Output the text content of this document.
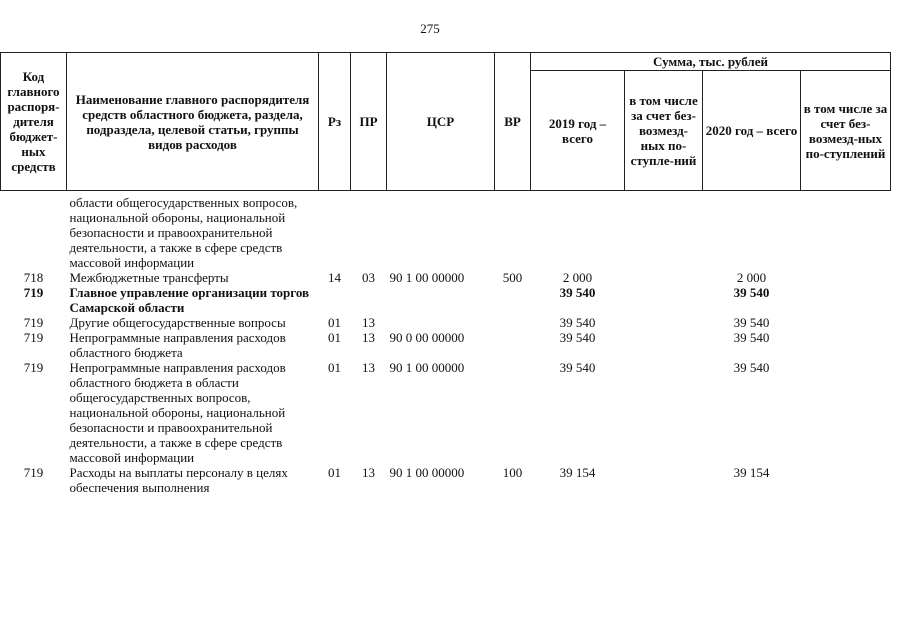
275
Код главного распоря-дителя бюджет-ных средств	Наименование главного распорядителя средств областного бюджета, раздела, подраздела, целевой статьи, группы видов расходов	Рз	ПР	ЦСР	ВР	Сумма, тыс. рублей			
						2019 год – всего	в том числе за счет без-возмезд-ных по-ступле-ний	2020 год – всего	в том числе за счет без-возмезд-ных по-ступлений

	области общегосударственных вопросов, национальной обороны, национальной безопасности и правоохранительной деятельности, а также в сфере средств массовой информации								
718	Межбюджетные трансферты	14	03	90 1 00 00000	500	2 000		2 000	
719	Главное управление организации торгов Самарской области					39 540		39 540	
719	Другие общегосударственные вопросы	01	13			39 540		39 540	
719	Непрограммные направления расходов областного бюджета	01	13	90 0 00 00000		39 540		39 540	
719	Непрограммные направления расходов областного бюджета в области общегосударственных вопросов, национальной обороны, национальной безопасности и правоохранительной деятельности, а также в сфере средств массовой информации	01	13	90 1 00 00000		39 540		39 540	
719	Расходы на выплаты персоналу в целях обеспечения выполнения	01	13	90 1 00 00000	100	39 154		39 154	
